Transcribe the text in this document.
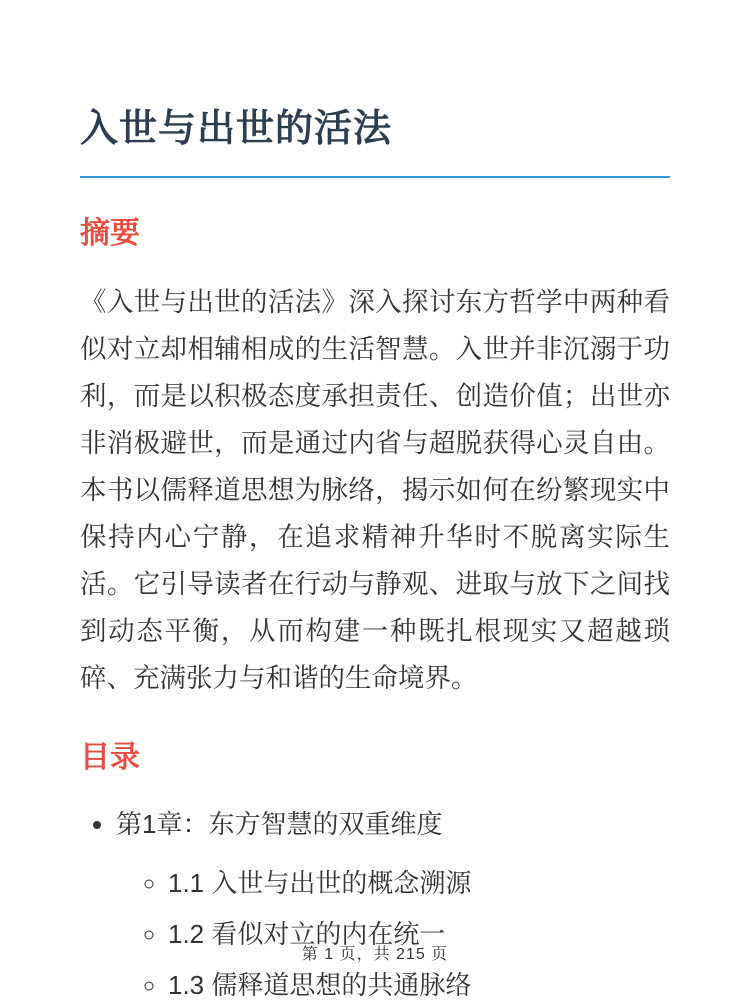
入世与出世的活法
摘要

《入世与出世的活法》深入探讨东方哲学中两种看似对立却相辅相成的生活智慧。入世并非沉溺于功利，而是以积极态度承担责任、创造价值；出世亦非消极避世，而是通过内省与超脱获得心灵自由。本书以儒释道思想为脉络，揭示如何在纷繁现实中保持内心宁静，在追求精神升华时不脱离实际生活。它引导读者在行动与静观、进取与放下之间找到动态平衡，从而构建一种既扎根现实又超越琐碎、充满张力与和谐的生命境界。

目录
• 第1章：东方智慧的双重维度
◦ 1.1 入世与出世的概念溯源
◦ 1.2 看似对立的内在统一
◦ 1.3 儒释道思想的共通脉络
第 1 页，共 215 页
